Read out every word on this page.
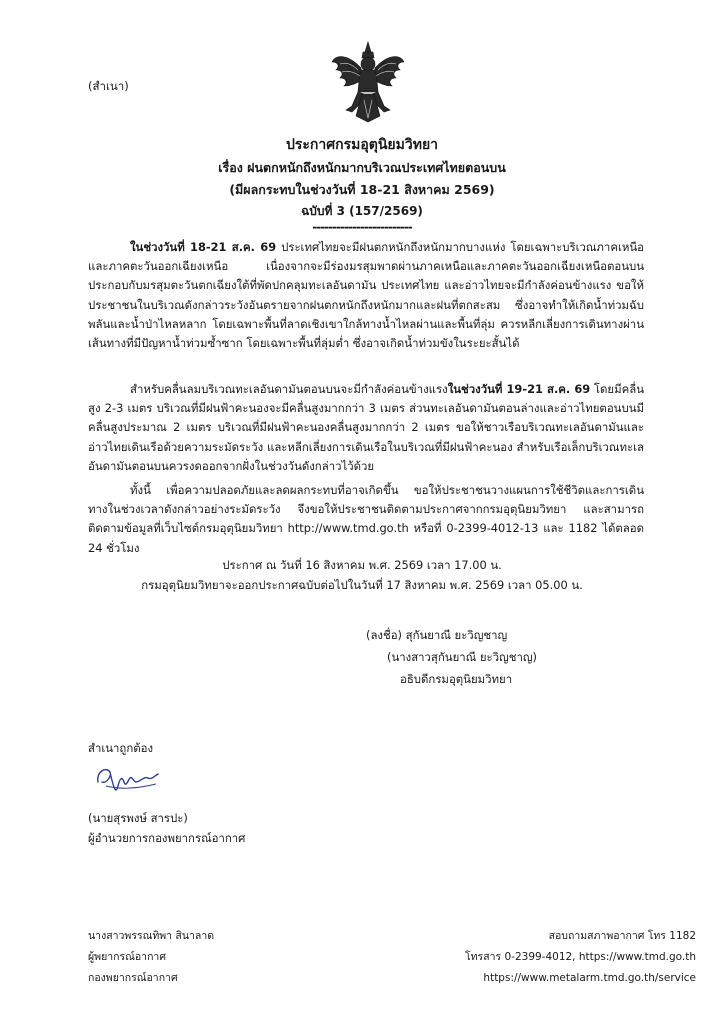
(สำเนา)
ประกาศกรมอุตุนิยมวิทยา
เรื่อง ฝนตกหนักถึงหนักมากบริเวณประเทศไทยตอนบน
(มีผลกระทบในช่วงวันที่ 18-21 สิงหาคม 2569)
ฉบับที่ 3 (157/2569)
-------------------------
ในช่วงวันที่ 18-21 ส.ค. 69 ประเทศไทยจะมีฝนตกหนักถึงหนักมากบางแห่ง โดยเฉพาะบริเวณภาคเหนือและภาคตะวันออกเฉียงเหนือ เนื่องจากจะมีร่องมรสุมพาดผ่านภาคเหนือและภาคตะวันออกเฉียงเหนือตอนบน ประกอบกับมรสุมตะวันตกเฉียงใต้ที่พัดปกคลุมทะเลอันดามัน ประเทศไทย และอ่าวไทยจะมีกำลังค่อนข้างแรง ขอให้ประชาชนในบริเวณดังกล่าวระวังอันตรายจากฝนตกหนักถึงหนักมากและฝนที่ตกสะสม ซึ่งอาจทำให้เกิดน้ำท่วมฉับพลันและน้ำป่าไหลหลาก โดยเฉพาะพื้นที่ลาดเชิงเขาใกล้ทางน้ำไหลผ่านและพื้นที่ลุ่ม ควรหลีกเลี่ยงการเดินทางผ่านเส้นทางที่มีปัญหาน้ำท่วมซ้ำซาก โดยเฉพาะพื้นที่ลุ่มต่ำ ซึ่งอาจเกิดน้ำท่วมขังในระยะสั้นได้
สำหรับคลื่นลมบริเวณทะเลอันดามันตอนบนจะมีกำลังค่อนข้างแรงในช่วงวันที่ 19-21 ส.ค. 69 โดยมีคลื่นสูง 2-3 เมตร บริเวณที่มีฝนฟ้าคะนองจะมีคลื่นสูงมากกว่า 3 เมตร ส่วนทะเลอันดามันตอนล่างและอ่าวไทยตอนบนมีคลื่นสูงประมาณ 2 เมตร บริเวณที่มีฝนฟ้าคะนองคลื่นสูงมากกว่า 2 เมตร ขอให้ชาวเรือบริเวณทะเลอันดามันและอ่าวไทยเดินเรือด้วยความระมัดระวัง และหลีกเลี่ยงการเดินเรือในบริเวณที่มีฝนฟ้าคะนอง สำหรับเรือเล็กบริเวณทะเลอันดามันตอนบนควรงดออกจากฝั่งในช่วงวันดังกล่าวไว้ด้วย
ทั้งนี้ เพื่อความปลอดภัยและลดผลกระทบที่อาจเกิดขึ้น ขอให้ประชาชนวางแผนการใช้ชีวิตและการเดินทางในช่วงเวลาดังกล่าวอย่างระมัดระวัง จึงขอให้ประชาชนติดตามประกาศจากกรมอุตุนิยมวิทยา และสามารถติดตามข้อมูลที่เว็บไซต์กรมอุตุนิยมวิทยา http://www.tmd.go.th หรือที่ 0-2399-4012-13 และ 1182 ได้ตลอด 24 ชั่วโมง
ประกาศ ณ วันที่ 16 สิงหาคม พ.ศ. 2569 เวลา 17.00 น.
กรมอุตุนิยมวิทยาจะออกประกาศฉบับต่อไปในวันที่ 17 สิงหาคม พ.ศ. 2569 เวลา 05.00 น.
(ลงชื่อ) สุกันยาณี ยะวิญชาญ
(นางสาวสุกันยาณี ยะวิญชาญ)
อธิบดีกรมอุตุนิยมวิทยา
สำเนาถูกต้อง
(นายสุรพงษ์ สารปะ)
ผู้อำนวยการกองพยากรณ์อากาศ
นางสาวพรรณทิพา สินาลาด
ผู้พยากรณ์อากาศ
กองพยากรณ์อากาศ
สอบถามสภาพอากาศ โทร 1182
โทรสาร 0-2399-4012, https://www.tmd.go.th
https://www.metalarm.tmd.go.th/service
